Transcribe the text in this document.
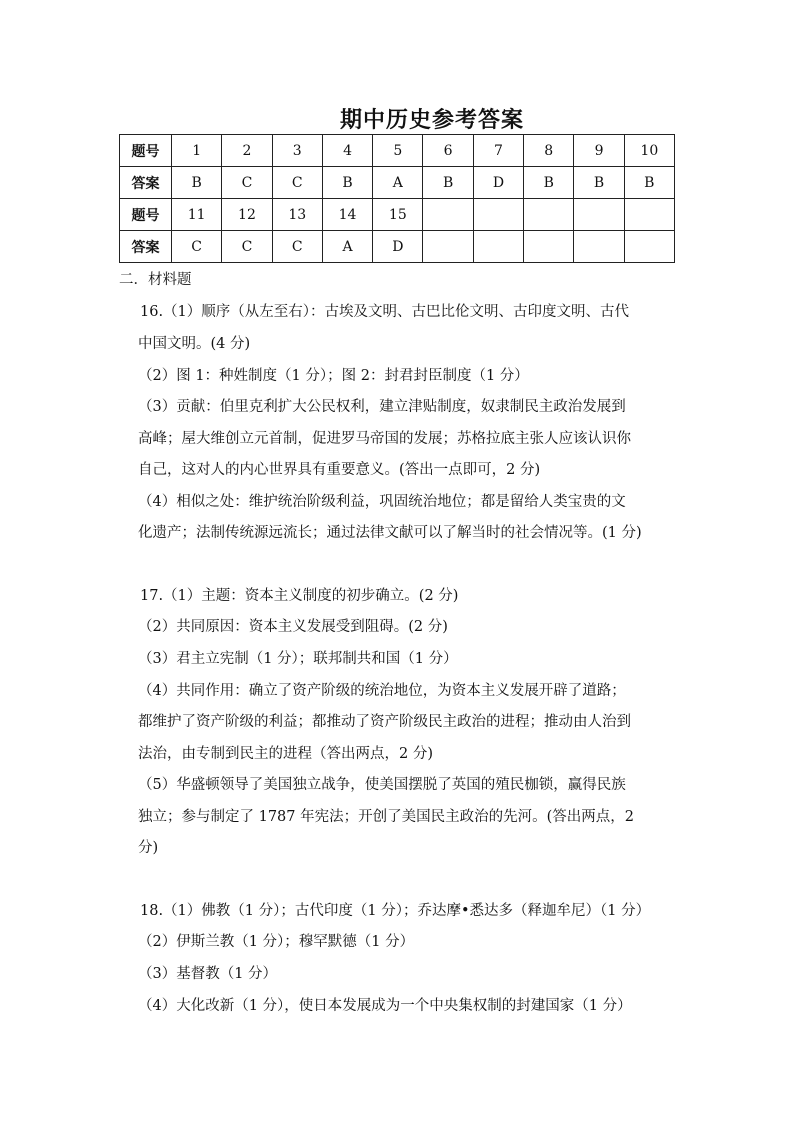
期中历史参考答案
题号	1	2	3	4	5	6	7	8	9	10
答案	B	C	C	B	A	B	D	B	B	B
题号	11	12	13	14	15					
答案	C	C	C	A	D					
二．材料题
16.（1）顺序（从左至右）：古埃及文明、古巴比伦文明、古印度文明、古代
中国文明。(4 分)
（2）图 1：种姓制度（1 分）；图 2：封君封臣制度（1 分）
（3）贡献：伯里克利扩大公民权利，建立津贴制度，奴隶制民主政治发展到
高峰；屋大维创立元首制，促进罗马帝国的发展；苏格拉底主张人应该认识你
自己，这对人的内心世界具有重要意义。(答出一点即可，2 分)
（4）相似之处：维护统治阶级利益，巩固统治地位；都是留给人类宝贵的文
化遗产；法制传统源远流长；通过法律文献可以了解当时的社会情况等。(1 分)
17.（1）主题：资本主义制度的初步确立。(2 分)
（2）共同原因：资本主义发展受到阻碍。(2 分)
（3）君主立宪制（1 分）；联邦制共和国（1 分）
（4）共同作用：确立了资产阶级的统治地位，为资本主义发展开辟了道路；
都维护了资产阶级的利益；都推动了资产阶级民主政治的进程；推动由人治到
法治，由专制到民主的进程（答出两点，2 分)
（5）华盛顿领导了美国独立战争，使美国摆脱了英国的殖民枷锁，赢得民族
独立；参与制定了 1787 年宪法；开创了美国民主政治的先河。(答出两点，2
分)
18.（1）佛教（1 分）；古代印度（1 分）；乔达摩•悉达多（释迦牟尼）（1 分）
（2）伊斯兰教（1 分）；穆罕默德（1 分）
（3）基督教（1 分）
（4）大化改新（1 分），使日本发展成为一个中央集权制的封建国家（1 分）
